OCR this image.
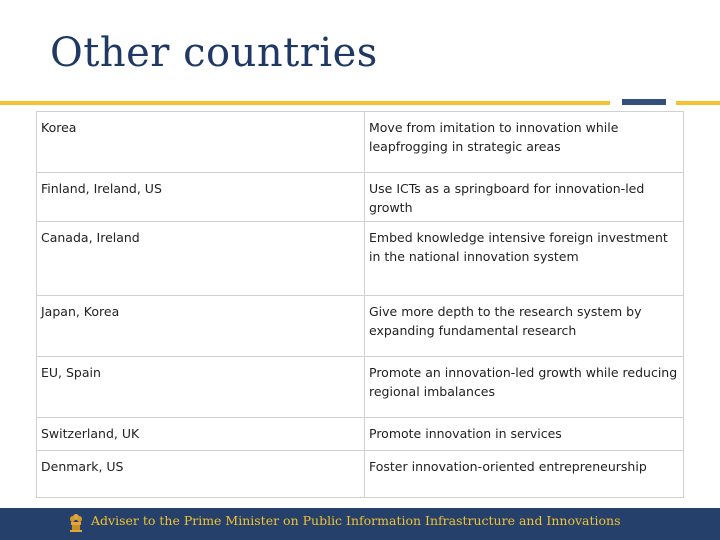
Other countries
Korea	Move from imitation to innovation while leapfrogging in strategic areas
Finland, Ireland, US	Use ICTs as a springboard for innovation-led growth
Canada, Ireland	Embed knowledge intensive foreign investment in the national innovation system
Japan, Korea	Give more depth to the research system by expanding fundamental research
EU, Spain	Promote an innovation-led growth while reducing regional imbalances
Switzerland, UK	Promote innovation in services
Denmark, US	Foster innovation-oriented entrepreneurship
Adviser to the Prime Minister on Public Information Infrastructure and Innovations
